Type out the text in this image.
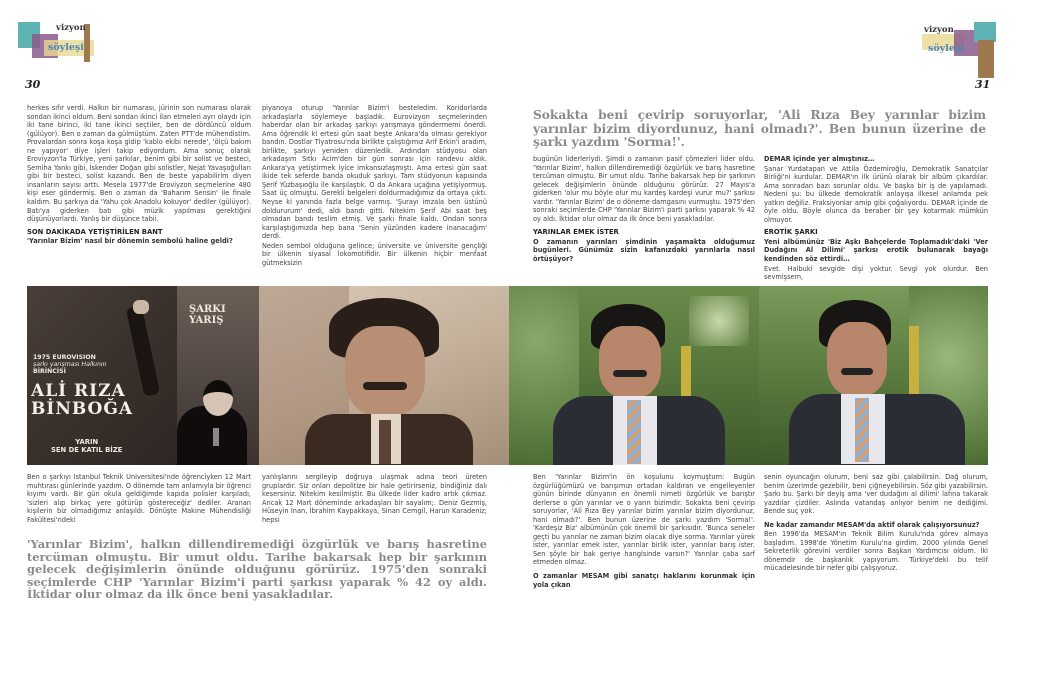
vizyon
söyleşi
30
vizyon
söyleşi
31

herkes sıfır verdi. Halkın bir numarası, jürinin son numarası olarak sondan ikinci oldum. Beni sondan ikinci ilan etmeleri ayrı olaydı için iki tane birinci, iki tane ikinci seçtiler, ben de dördüncü oldum (gülüyor). Ben o zaman da gülmüştüm. Zaten PTT'de mühendistim. Provalardan sonra koşa koşa gidip 'kablo ekibi nerede', 'ölçü bakım ne yapıyor' diye işleri takip ediyordum. Ama sonuç olarak Eroviyzon'la Türkiye, yeni şarkılar, benim gibi bir solist ve besteci, Şemiha Yankı gibi, İskender Doğan gibi solistler, Nejat Yavaşoğulları gibi bir besteci, solist kazandı. Ben de beste yapabilirim diyen insanların sayısı arttı. Mesela 1977'de Eroviyzon seçmelerine 480 kişi eser göndermiş. Ben o zaman da 'Baharım Sensin' ile finale kaldım. Bu şarkıya da 'Yahu çok Anadolu kokuyor' dediler (gülüyor). Batı'ya giderken batı gibi müzik yapılması gerektiğini düşünüyorlardı. Yanlış bir düşünce tabii.

SON DAKİKADA YETİŞTİRİLEN BANT

'Yarınlar Bizim' nasıl bir dönemin sembolü haline geldi?

piyanoya oturup 'Yarınlar Bizim'i besteledim. Koridorlarda arkadaşlarla söylemeye başladık. Eurovizyon seçmelerinden haberdar olan bir arkadaş şarkıyı yarışmaya göndermemi önerdi. Ama öğrendik ki ertesi gün saat beşte Ankara'da olması gerekiyor bandın. Dostlar Tiyatrosu'nda birlikte çalıştığımız Arif Erkin'i aradım, birlikte, şarkıyı yeniden düzenledik. Ardından stüdyosu olan arkadaşım Sıtkı Acim'den bir gün sonrası için randevu aldık. Ankara'ya yetiştirmek iyice imkansızlaşmıştı. Ama ertesi gün saat ikide tek seferde banda okuduk şarkıyı. Tam stüdyonun kapısında Şerif Yüzbaşıoğlu ile karşılaştık. O da Ankara uçağına yetişiyormuş. Saat üç olmuştu. Gerekli belgeleri doldurmadığımız da ortaya çıktı. Neyse ki yanında fazla belge varmış. 'Şurayı imzala ben üstünü doldururum' dedi, aldı bandı gitti. Nitekim Şerif Abi saat beş olmadan bandı teslim etmiş. Ve şarkı finale kaldı. Ondan sonra karşılaştığımızda hep bana 'Senin yüzünden kadere inanacağım' derdi.

Neden sembol olduğuna gelince; üniversite ve üniversite gençliği bir ülkenin siyasal lokomotifidir. Bir ülkenin hiçbir menfaat gütmeksizin

Sokakta beni çevirip soruyorlar, 'Ali Rıza Bey yarınlar bizim yarınlar bizim diyordunuz, hani olmadı?'. Ben bunun üzerine de şarkı yazdım 'Sorma!'.

bugünün liderleriydi. Şimdi o zamanın pasif çömezleri lider oldu. 'Yarınlar Bizim', halkın dillendiremediği özgürlük ve barış hasretine tercüman olmuştu. Bir umut oldu. Tarihe bakarsak hep bir şarkının gelecek değişimlerin önünde olduğunu görürüz. 27 Mayıs'a giderken 'olur mu böyle olur mu kardeş kardeşi vurur mu?' şarkısı vardır. 'Yarınlar Bizim' de o döneme damgasını vurmuştu. 1975'den sonraki seçimlerde CHP 'Yarınlar Bizim'i parti şarkısı yaparak % 42 oy aldı. İktidar olur olmaz da ilk önce beni yasakladılar.

YARINLAR EMEK İSTER

O zamanın yarınları şimdinin yaşamakta olduğumuz bugünleri. Günümüz sizin kafanızdaki yarınlarla nasıl örtüşüyor?

DEMAR içinde yer almıştınız…

Şanar Yurdatapan ve Attila Özdemiroğlu, Demokratik Sanatçılar Birliği'ni kurdular. DEMAR'ın ilk ürünü olarak bir albüm çıkardılar. Ama sonradan bazı sorunlar oldu. Ve başka bir iş de yapılamadı. Nedeni şu: bu ülkede demokratik anlayışa ilkesel anlamda pek yatkın değiliz. Fraksiyonlar amip gibi çoğalıyordu. DEMAR içinde de öyle oldu. Böyle olunca da beraber bir şey kotarmak mümkün olmuyor.

EROTİK ŞARKI

Yeni albümünüz 'Biz Aşkı Bahçelerde Toplamadık'daki 'Ver Dudağını Al Dilimi' şarkısı erotik bulunarak bayağı kendinden söz ettirdi…

Evet. Halbuki sevgide dişi yoktur. Sevgi yok olurdur. Ben sevmişsem,

1975 EUROVISION
şarkı yarışması Halkının
BİRİNCİSİ
ALİ RIZA
BİNBOĞA
YARIN
SEN DE KATIL BİZE
ŞARKI YARIŞ

Ben o şarkıyı İstanbul Teknik Üniversitesi'nde öğrenciyken 12 Mart muhtırası günlerinde yazdım. O dönemde tam anlamıyla bir öğrenci kıyımı vardı. Bir gün okula geldiğimde kapıda polisler karşıladı, 'sizleri alıp birkaç yere götürüp göstereceğiz' dediler. Aranan kişilerin biz olmadığımız anlaşıldı. Dönüşte Makine Mühendisliği Fakültesi'ndeki

yanlışlarını sergileyip doğruya ulaşmak adına teori üreten gruplardır. Siz onları depolitize bir hale getirirseniz, bindiğiniz dalı kesersiniz. Nitekim kesilmiştir. Bu ülkede lider kadro artık çıkmaz. Ancak 12 Mart döneminde arkadaşları bir sayalım;. Deniz Gezmiş, Hüseyin İnan, İbrahim Kaypakkaya, Sinan Cemgil, Harun Karadeniz; hepsi

'Yarınlar Bizim', halkın dillendiremediği özgürlük ve barış hasretine tercüman olmuştu. Bir umut oldu. Tarihe bakarsak hep bir şarkının gelecek değişimlerin önünde olduğunu görürüz. 1975'den sonraki seçimlerde CHP 'Yarınlar Bizim'i parti şarkısı yaparak % 42 oy aldı. İktidar olur olmaz da ilk önce beni yasakladılar.

Ben 'Yarınlar Bizim'in ön koşulunu koymuştum: Bugün özgürlüğümüzü ve barışımızı ortadan kaldıran ve engelleyenler günün birinde dünyanın en önemli nimeti özgürlük ve barıştır derlerse o gün yarınlar ve o yarın bizimdir. Sokakta beni çevirip soruyorlar, 'Ali Rıza Bey yarınlar bizim yarınlar bizim diyordunuz, hani olmadı?'. Ben bunun üzerine de şarkı yazdım 'Sorma!'. 'Kardeşiz Biz' albümünün çok önemli bir şarkısıdır. 'Bunca seneler geçti bu yarınlar ne zaman bizim olacak diye sorma. Yarınlar yürek ister, yarınlar emek ister, yarınlar birlik ister, yarınlar barış ister. Sen şöyle bir bak geriye hangisinde varsın?' Yarınlar çaba sarf etmeden olmaz.

O zamanlar MESAM gibi sanatçı haklarını korunmak için yola çıkan

senin oyuncağın olurum, beni saz gibi çalabilirsin. Dağ olurum, benim üzerimde gezebilir, beni çiğneyebilirsin. Söz gibi yazabilirsin. Şarkı bu. Şarkı bir deyiş ama 'ver dudağını al dilimi' lafına takarak yazdılar çizdiler. Aslında vatandaş anlıyor benim ne dediğimi. Bende suç yok.

Ne kadar zamandır MESAM'da aktif olarak çalışıyorsunuz?

Ben 1996'da MESAM'ın Teknik Bilim Kurulu'nda görev almaya başladım. 1998'de Yönetim Kurulu'na girdim. 2000 yılında Genel Sekreterlik görevini verdiler sonra Başkan Yardımcısı oldum. İki dönemdir de başkanlık yapıyorum. Türkiye'deki bu telif mücadelesinde bir nefer gibi çalışıyoruz.
